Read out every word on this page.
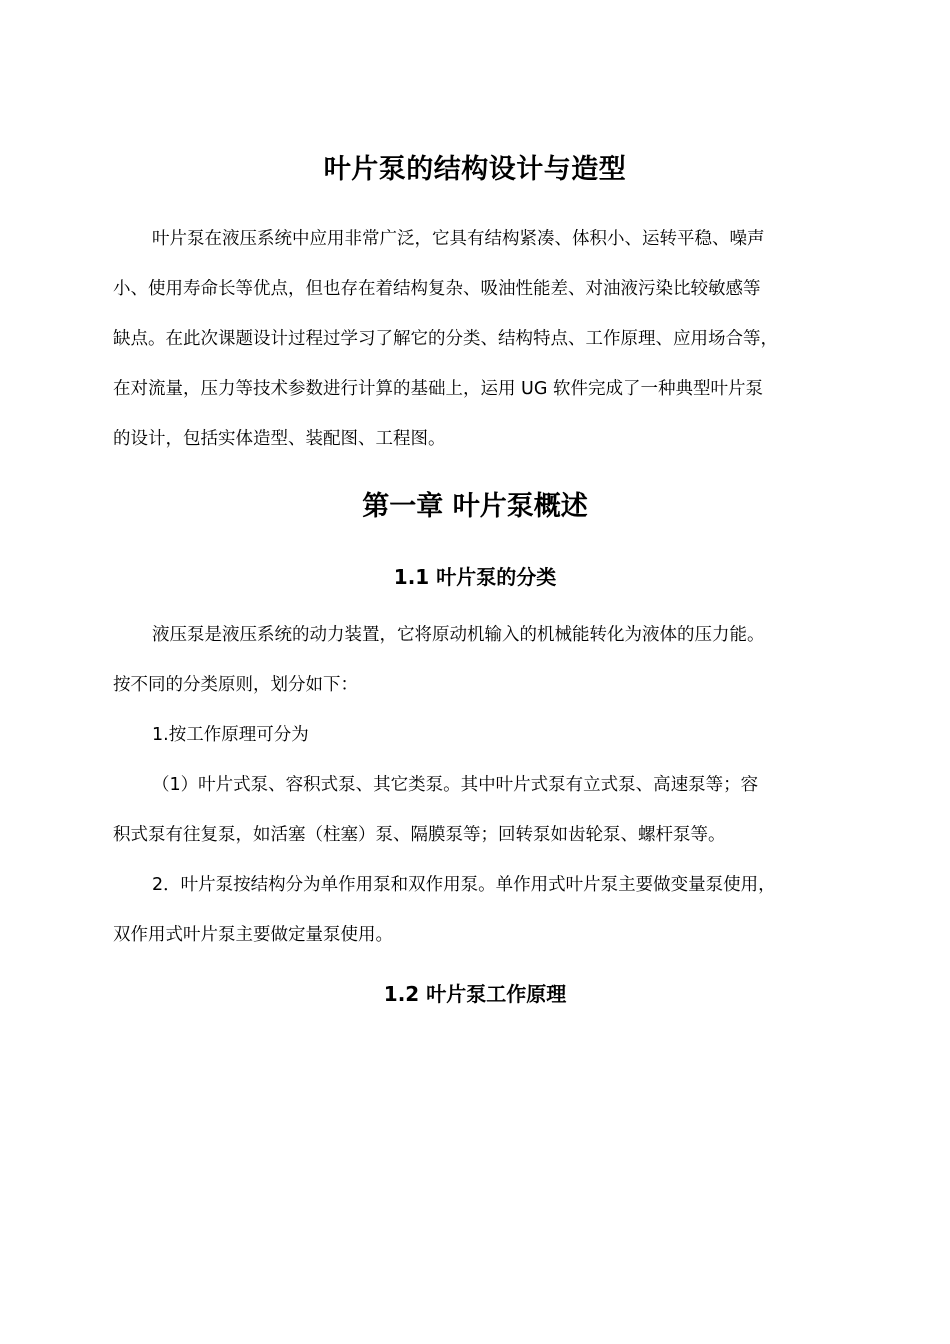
叶片泵的结构设计与造型
叶片泵在液压系统中应用非常广泛，它具有结构紧凑、体积小、运转平稳、噪声
小、使用寿命长等优点，但也存在着结构复杂、吸油性能差、对油液污染比较敏感等
缺点。在此次课题设计过程过学习了解它的分类、结构特点、工作原理、应用场合等，
在对流量，压力等技术参数进行计算的基础上，运用 UG 软件完成了一种典型叶片泵
的设计，包括实体造型、装配图、工程图。
第一章 叶片泵概述
1.1 叶片泵的分类
液压泵是液压系统的动力装置，它将原动机输入的机械能转化为液体的压力能。
按不同的分类原则，划分如下：
1.按工作原理可分为
（1）叶片式泵、容积式泵、其它类泵。其中叶片式泵有立式泵、高速泵等；容
积式泵有往复泵，如活塞（柱塞）泵、隔膜泵等；回转泵如齿轮泵、螺杆泵等。
2．叶片泵按结构分为单作用泵和双作用泵。单作用式叶片泵主要做变量泵使用，
双作用式叶片泵主要做定量泵使用。
1.2 叶片泵工作原理
